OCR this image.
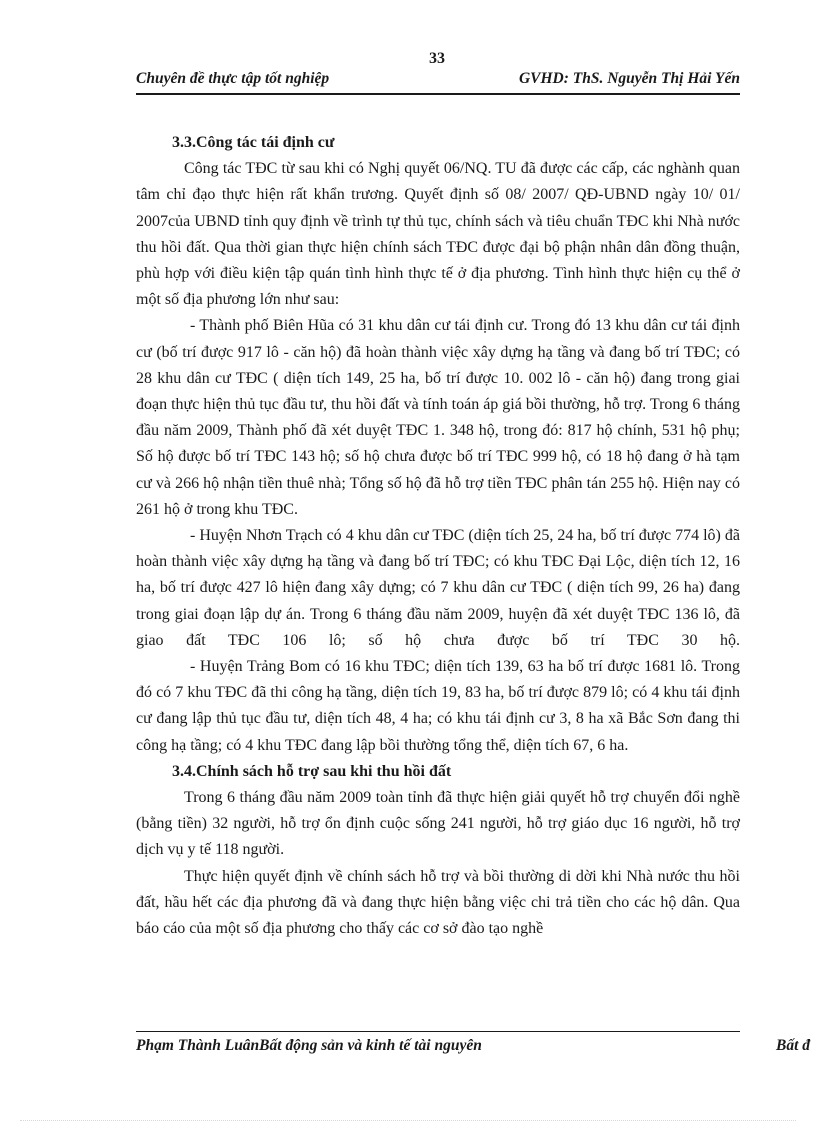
33
Chuyên đề thực tập tốt nghiệp	GVHD: ThS. Nguyễn Thị Hải Yến
3.3.Công tác tái định cư

Công tác TĐC từ sau khi có Nghị quyết 06/NQ. TU đã được các cấp, các nghành quan tâm chỉ đạo thực hiện rất khẩn trương. Quyết định số 08/ 2007/ QĐ-UBND ngày 10/ 01/ 2007của UBND tỉnh quy định về trình tự thủ tục, chính sách và tiêu chuẩn TĐC khi Nhà nước thu hồi đất. Qua thời gian thực hiện chính sách TĐC được đại bộ phận nhân dân đồng thuận, phù hợp với điều kiện tập quán tình hình thực tế ở địa phương. Tình hình thực hiện cụ thể ở một số địa phương lớn như sau:

- Thành phố Biên Hũa có 31 khu dân cư tái định cư. Trong đó 13 khu dân cư tái định cư (bố trí được 917 lô - căn hộ) đã hoàn thành việc xây dựng hạ tầng và đang bố trí TĐC; có 28 khu dân cư TĐC ( diện tích 149, 25 ha, bố trí được 10. 002 lô - căn hộ) đang trong giai đoạn thực hiện thủ tục đầu tư, thu hồi đất và tính toán áp giá bồi thường, hỗ trợ. Trong 6 tháng đầu năm 2009, Thành phố đã xét duyệt TĐC 1. 348 hộ, trong đó: 817 hộ chính, 531 hộ phụ; Số hộ được bố trí TĐC 143 hộ; số hộ chưa được bố trí TĐC 999 hộ, có 18 hộ đang ở hà tạm cư và 266 hộ nhận tiền thuê nhà; Tổng số hộ đã hỗ trợ tiền TĐC phân tán 255 hộ. Hiện nay có 261 hộ ở trong khu TĐC.

- Huyện Nhơn Trạch có 4 khu dân cư TĐC (diện tích 25, 24 ha, bố trí được 774 lô) đã hoàn thành việc xây dựng hạ tầng và đang bố trí TĐC; có khu TĐC Đại Lộc, diện tích 12, 16 ha, bố trí được 427 lô hiện đang xây dựng; có 7 khu dân cư TĐC ( diện tích 99, 26 ha) đang trong giai đoạn lập dự án. Trong 6 tháng đầu năm 2009, huyện đã xét duyệt TĐC 136 lô, đã giao đất TĐC 106 lô; số hộ chưa được bố trí TĐC 30 hộ.

- Huyện Trảng Bom có 16 khu TĐC; diện tích 139, 63 ha bố trí được 1681 lô. Trong đó có 7 khu TĐC đã thi công hạ tầng, diện tích 19, 83 ha, bố trí được 879 lô; có 4 khu tái định cư đang lập thủ tục đầu tư, diện tích 48, 4 ha; có khu tái định cư 3, 8 ha xã Bắc Sơn đang thi công hạ tầng; có 4 khu TĐC đang lập bồi thường tổng thể, diện tích 67, 6 ha.

3.4.Chính sách hỗ trợ sau khi thu hồi đất

Trong 6 tháng đầu năm 2009 toàn tỉnh đã thực hiện giải quyết hỗ trợ chuyển đổi nghề (bằng tiền) 32 người, hỗ trợ ổn định cuộc sống 241 người, hỗ trợ giáo dục 16 người, hỗ trợ dịch vụ y tế 118 người.

Thực hiện quyết định về chính sách hỗ trợ và bồi thường di dời khi Nhà nước thu hồi đất, hầu hết các địa phương đã và đang thực hiện bằng việc chi trả tiền cho các hộ dân. Qua báo cáo của một số địa phương cho thấy các cơ sở đào tạo nghề

Phạm Thành LuânBất động sản và kinh tế tài nguyên	Bất đ
